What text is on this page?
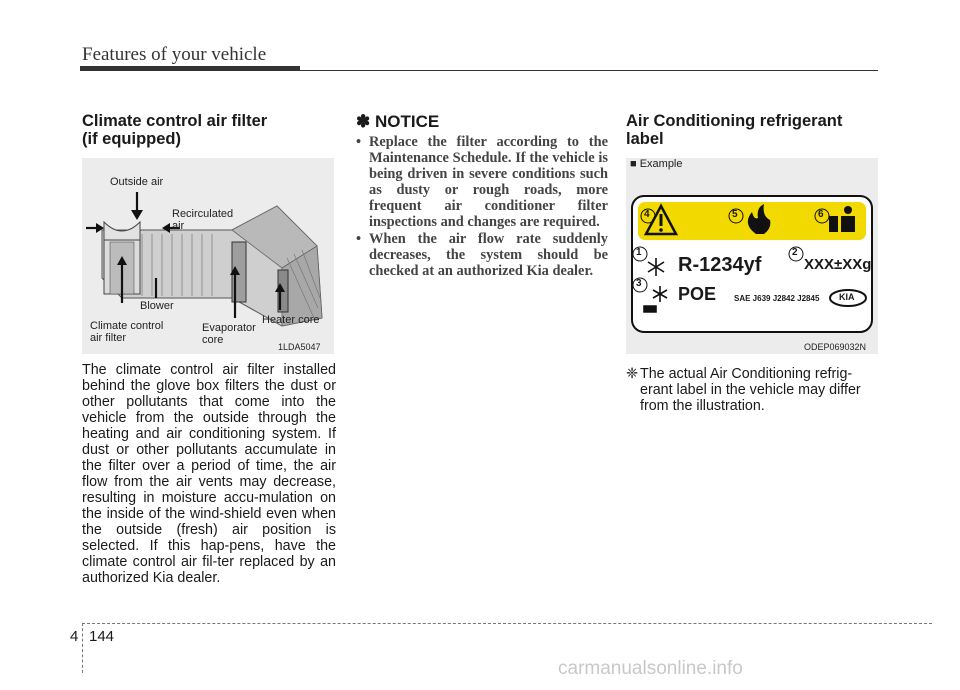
Features of your vehicle
Climate control air filter
(if equipped)
Outside air
Recirculated
air
Blower
Climate control
air filter
Evaporator
core
Heater core
1LDA5047
The climate control air filter installed behind the glove box filters the dust or other pollutants that come into the vehicle from the outside through the heating and air conditioning system. If dust or other pollutants accumulate in the filter over a period of time, the air flow from the air vents may decrease, resulting in moisture accu-mulation on the inside of the wind-shield even when the outside (fresh) air position is selected. If this hap-pens, have the climate control air fil-ter replaced by an authorized Kia dealer.
✽ NOTICE
• Replace the filter according to the Maintenance Schedule. If the vehicle is being driven in severe conditions such as dusty or rough roads, more frequent air conditioner filter inspections and changes are required.
• When the air flow rate suddenly decreases, the system should be checked at an authorized Kia dealer.
Air Conditioning refrigerant
label
■ Example
4	5	6
1	2
3
R-1234yf	XXX±XXg
POE SAE J639 J2842 J2845 KIA
ODEP069032N
❈ The actual Air Conditioning refrig-erant label in the vehicle may differ from the illustration.
4 144
carmanualsonline.info
